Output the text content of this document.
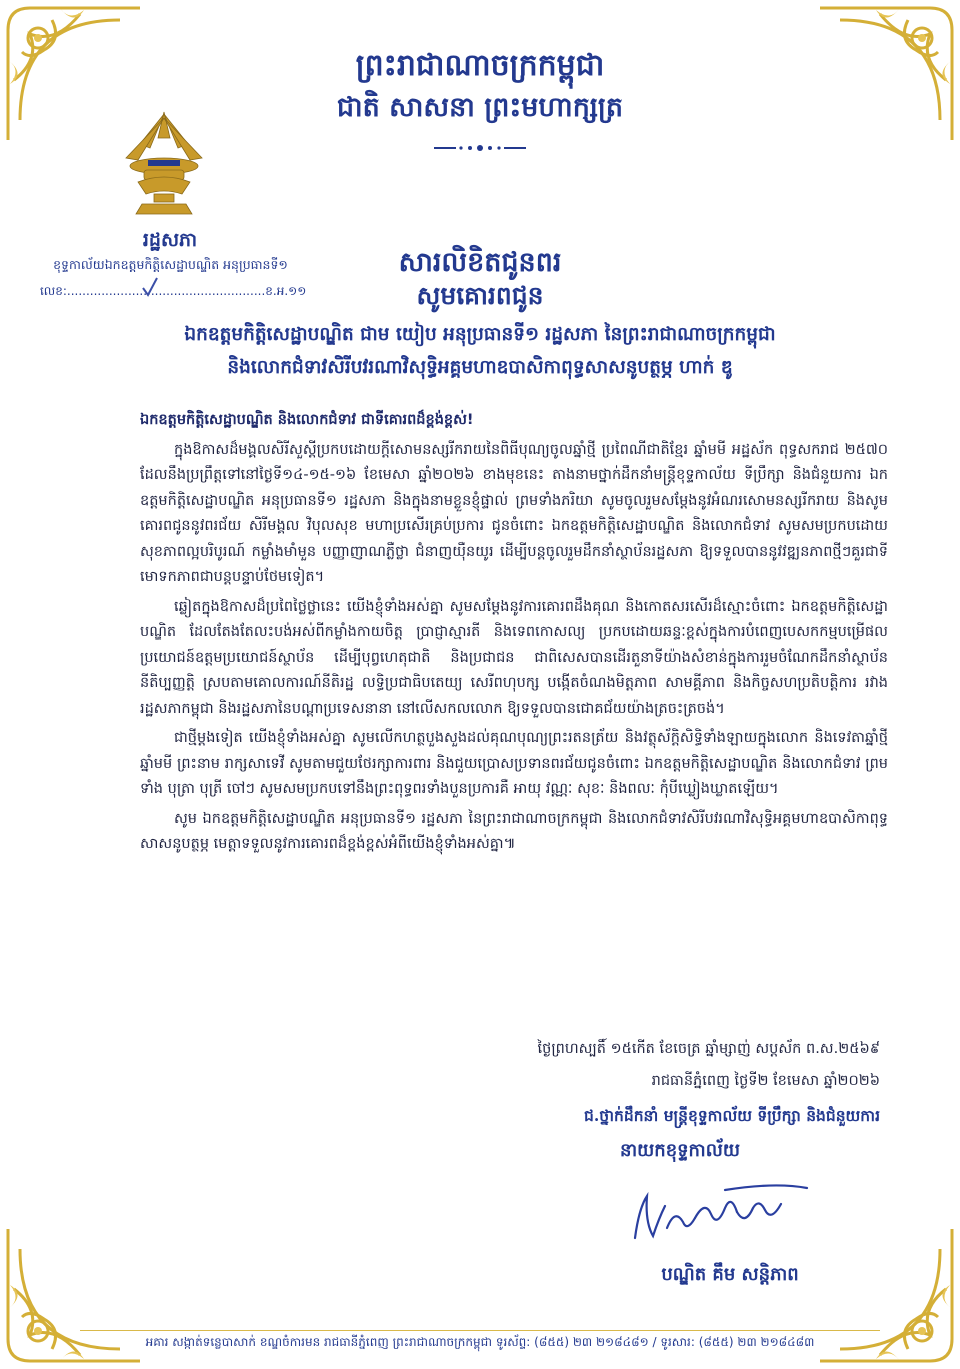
ព្រះរាជាណាចក្រកម្ពុជា
ជាតិ សាសនា ព្រះមហាក្សត្រ
រដ្ឋសភា
ខុទ្ទកាល័យឯកឧត្តមកិត្តិសេដ្ឋាបណ្ឌិត អនុប្រធានទី១
លេខ:....................................................ខ.អ.១១
សារលិខិតជូនពរ
សូមគោរពជូន
ឯកឧត្តមកិត្តិសេដ្ឋាបណ្ឌិត ជាម យៀប អនុប្រធានទី១ រដ្ឋសភា នៃព្រះរាជាណាចក្រកម្ពុជា
និងលោកជំទាវសិរីបវរណាវិសុទ្ធិអគ្គមហាឧបាសិកាពុទ្ធសាសនូបត្ថម្ភ ហាក់ ឌូ

ឯកឧត្តមកិត្តិសេដ្ឋាបណ្ឌិត និងលោកជំទាវ ជាទីគោរពដ៏ខ្ពង់ខ្ពស់!

ក្នុងឱកាសដ៏មង្គលសិរីសួស្តីប្រកបដោយក្តីសោមនស្សរីករាយនៃពិធីបុណ្យចូលឆ្នាំថ្មី ប្រពៃណីជាតិខ្មែរ ឆ្នាំមមី អដ្ឋស័ក ពុទ្ធសករាជ ២៥៧០ ដែលនឹងប្រព្រឹត្តទៅនៅថ្ងៃទី១៤-១៥-១៦ ខែមេសា ឆ្នាំ២០២៦ ខាងមុខនេះ តាងនាមថ្នាក់ដឹកនាំមន្ត្រីខុទ្ទកាល័យ ទីប្រឹក្សា និងជំនួយការ ឯកឧត្តមកិត្តិសេដ្ឋាបណ្ឌិត អនុប្រធានទី១ រដ្ឋសភា និងក្នុងនាមខ្លួនខ្ញុំផ្ទាល់ ព្រមទាំងភរិយា សូមចូលរួមសម្តែងនូវអំណរសោមនស្សរីករាយ និងសូមគោរពជូននូវពរជ័យ សិរីមង្គល វិបុលសុខ មហាប្រសើរគ្រប់ប្រការ ជូនចំពោះ ឯកឧត្តមកិត្តិសេដ្ឋាបណ្ឌិត និងលោកជំទាវ សូមសមប្រកបដោយសុខភាពល្អបរិបូរណ៍ កម្លាំងមាំមួន បញ្ញាញាណភ្លឺថ្លា ជំនាញយ៉ឺនយូរ ដើម្បីបន្តចូលរួមដឹកនាំស្ថាប័នរដ្ឋសភា ឱ្យទទួលបាននូវវឌ្ឍនភាពថ្មីៗគួរជាទីមោទកភាពជាបន្តបន្ទាប់ថែមទៀត។

ឆ្លៀតក្នុងឱកាសដ៏ប្រពៃថ្លៃថ្លានេះ យើងខ្ញុំទាំងអស់គ្នា សូមសម្តែងនូវការគោរពដឹងគុណ និងកោតសរសើរដ៏ស្មោះចំពោះ ឯកឧត្តមកិត្តិសេដ្ឋាបណ្ឌិត ដែលតែងតែលះបង់អស់ពីកម្លាំងកាយចិត្ត ប្រាជ្ញាស្មារតី និងទេពកោសល្យ ប្រកបដោយឆន្ទៈខ្ពស់ក្នុងការបំពេញបេសកកម្មបម្រើផលប្រយោជន៍ឧត្តមប្រយោជន៍ស្ថាប័ន ដើម្បីបុព្វហេតុជាតិ និងប្រជាជន ជាពិសេសបានដើរតួនាទីយ៉ាងសំខាន់ក្នុងការរួមចំណែកដឹកនាំស្ថាប័ននីតិប្បញ្ញត្តិ ស្របតាមគោលការណ៍នីតិរដ្ឋ លទ្ធិប្រជាធិបតេយ្យ សេរីពហុបក្ស បង្កើតចំណងមិត្តភាព សាមគ្គីភាព និងកិច្ចសហប្រតិបត្តិការ រវាងរដ្ឋសភាកម្ពុជា និងរដ្ឋសភានៃបណ្តាប្រទេសនានា នៅលើសកលលោក ឱ្យទទួលបានជោគជ័យយ៉ាងត្រចះត្រចង់។

ជាថ្មីម្តងទៀត យើងខ្ញុំទាំងអស់គ្នា សូមលើកហត្ថបួងសួងដល់គុណបុណ្យព្រះរតនត្រ័យ និងវត្ថុស័ក្តិសិទ្ធិទាំងឡាយក្នុងលោក និងទេវតាឆ្នាំថ្មី ឆ្នាំមមី ព្រះនាម រាក្សសាទេវី សូមតាមជួយថែរក្សាការពារ និងជួយប្រោសប្រទានពរជ័យជូនចំពោះ ឯកឧត្តមកិត្តិសេដ្ឋាបណ្ឌិត និងលោកជំទាវ ព្រមទាំង បុត្រា បុត្រី ចៅៗ សូមសមប្រកបទៅនឹងព្រះពុទ្ធពរទាំងបួនប្រការគឺ អាយុ វណ្ណៈ សុខៈ និងពលៈ កុំបីឃ្លៀងឃ្លាតឡើយ។

សូម ឯកឧត្តមកិត្តិសេដ្ឋាបណ្ឌិត អនុប្រធានទី១ រដ្ឋសភា នៃព្រះរាជាណាចក្រកម្ពុជា និងលោកជំទាវសិរីបវរណាវិសុទ្ធិអគ្គមហាឧបាសិកាពុទ្ធសាសនូបត្ថម្ភ មេត្តាទទួលនូវការគោរពដ៏ខ្ពង់ខ្ពស់អំពីយើងខ្ញុំទាំងអស់គ្នា៕

ថ្ងៃព្រហស្បតិ៍ ១៥កើត ខែចេត្រ ឆ្នាំម្សាញ់ សប្តស័ក ព.ស.២៥៦៩
រាជធានីភ្នំពេញ ថ្ងៃទី២ ខែមេសា ឆ្នាំ២០២៦
ជ.ថ្នាក់ដឹកនាំ មន្ត្រីខុទ្ទកាល័យ ទីប្រឹក្សា និងជំនួយការ
នាយកខុទ្ទកាល័យ
បណ្ឌិត គឹម សន្តិភាព
អគារ សង្កាត់ទន្លេបាសាក់ ខណ្ឌចំការមន រាជធានីភ្នំពេញ ព្រះរាជាណាចក្រកម្ពុជា ទូរស័ព្ទ: (៨៥៥) ២៣ ២១៨៤៨១ / ទូរសារ: (៨៥៥) ២៣ ២១៨៤៨៣
